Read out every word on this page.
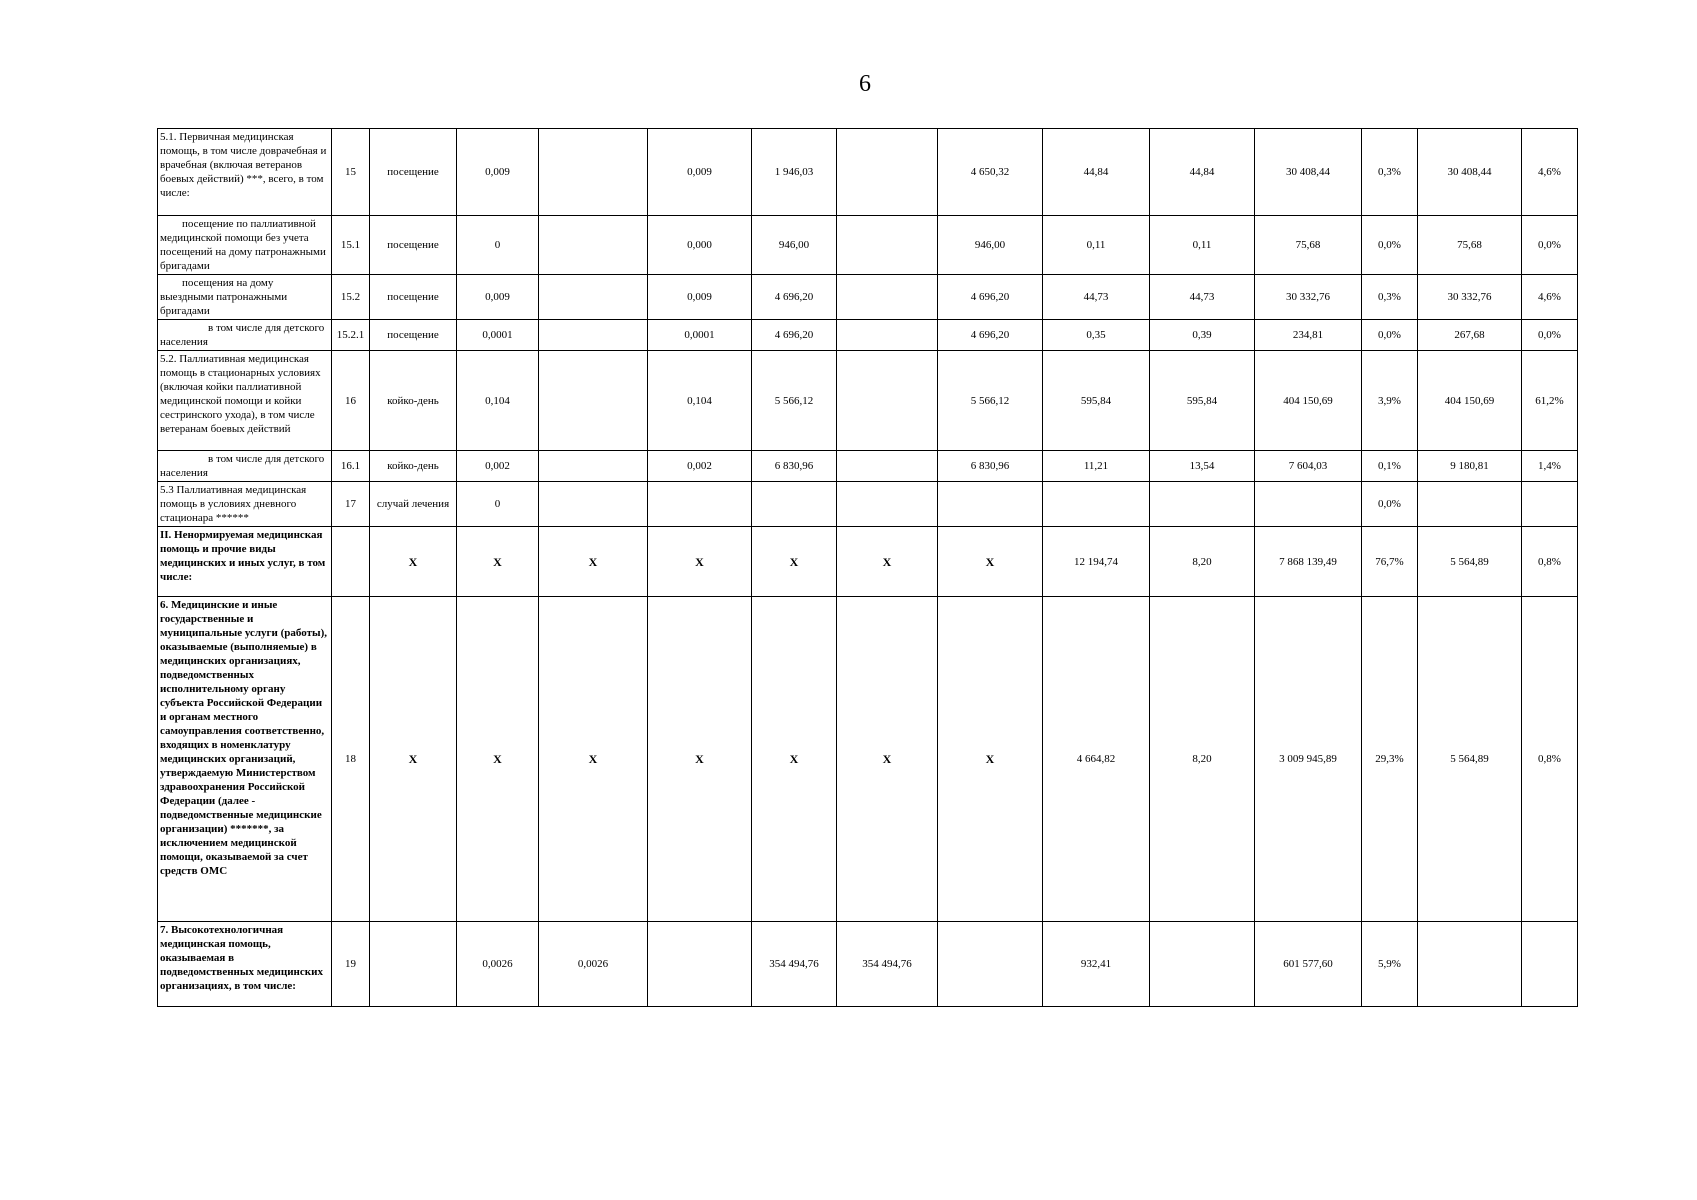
6
5.1. Первичная медицинская помощь, в том числе доврачебная и врачебная (включая ветеранов боевых действий) ***, всего, в том числе:	15	посещение	0,009		0,009	1 946,03		4 650,32	44,84	44,84	30 408,44	0,3%	30 408,44	4,6%
посещение по паллиативной медицинской помощи без учета посещений на дому патронажными бригадами	15.1	посещение	0		0,000	946,00		946,00	0,11	0,11	75,68	0,0%	75,68	0,0%
посещения на дому выездными патронажными бригадами	15.2	посещение	0,009		0,009	4 696,20		4 696,20	44,73	44,73	30 332,76	0,3%	30 332,76	4,6%
в том числе для детского населения	15.2.1	посещение	0,0001		0,0001	4 696,20		4 696,20	0,35	0,39	234,81	0,0%	267,68	0,0%
5.2. Паллиативная медицинская помощь в стационарных условиях (включая койки паллиативной медицинской помощи и койки сестринского ухода), в том числе ветеранам боевых действий	16	койко-день	0,104		0,104	5 566,12		5 566,12	595,84	595,84	404 150,69	3,9%	404 150,69	61,2%
в том числе для детского населения	16.1	койко-день	0,002		0,002	6 830,96		6 830,96	11,21	13,54	7 604,03	0,1%	9 180,81	1,4%
5.3 Паллиативная медицинская помощь в условиях дневного стационара ******	17	случай лечения	0									0,0%		
II. Ненормируемая медицинская помощь и прочие виды медицинских и иных услуг, в том числе:		X	X	X	X	X	X	X	12 194,74	8,20	7 868 139,49	76,7%	5 564,89	0,8%
6. Медицинские и иные государственные и муниципальные услуги (работы), оказываемые (выполняемые) в медицинских организациях, подведомственных исполнительному органу субъекта Российской Федерации и органам местного самоуправления соответственно, входящих в номенклатуру медицинских организаций, утверждаемую Министерством здравоохранения Российской Федерации (далее - подведомственные медицинские организации) *******, за исключением медицинской помощи, оказываемой за счет средств ОМС	18	X	X	X	X	X	X	X	4 664,82	8,20	3 009 945,89	29,3%	5 564,89	0,8%
7. Высокотехнологичная медицинская помощь, оказываемая в подведомственных медицинских организациях, в том числе:	19		0,0026	0,0026		354 494,76	354 494,76		932,41		601 577,60	5,9%		
